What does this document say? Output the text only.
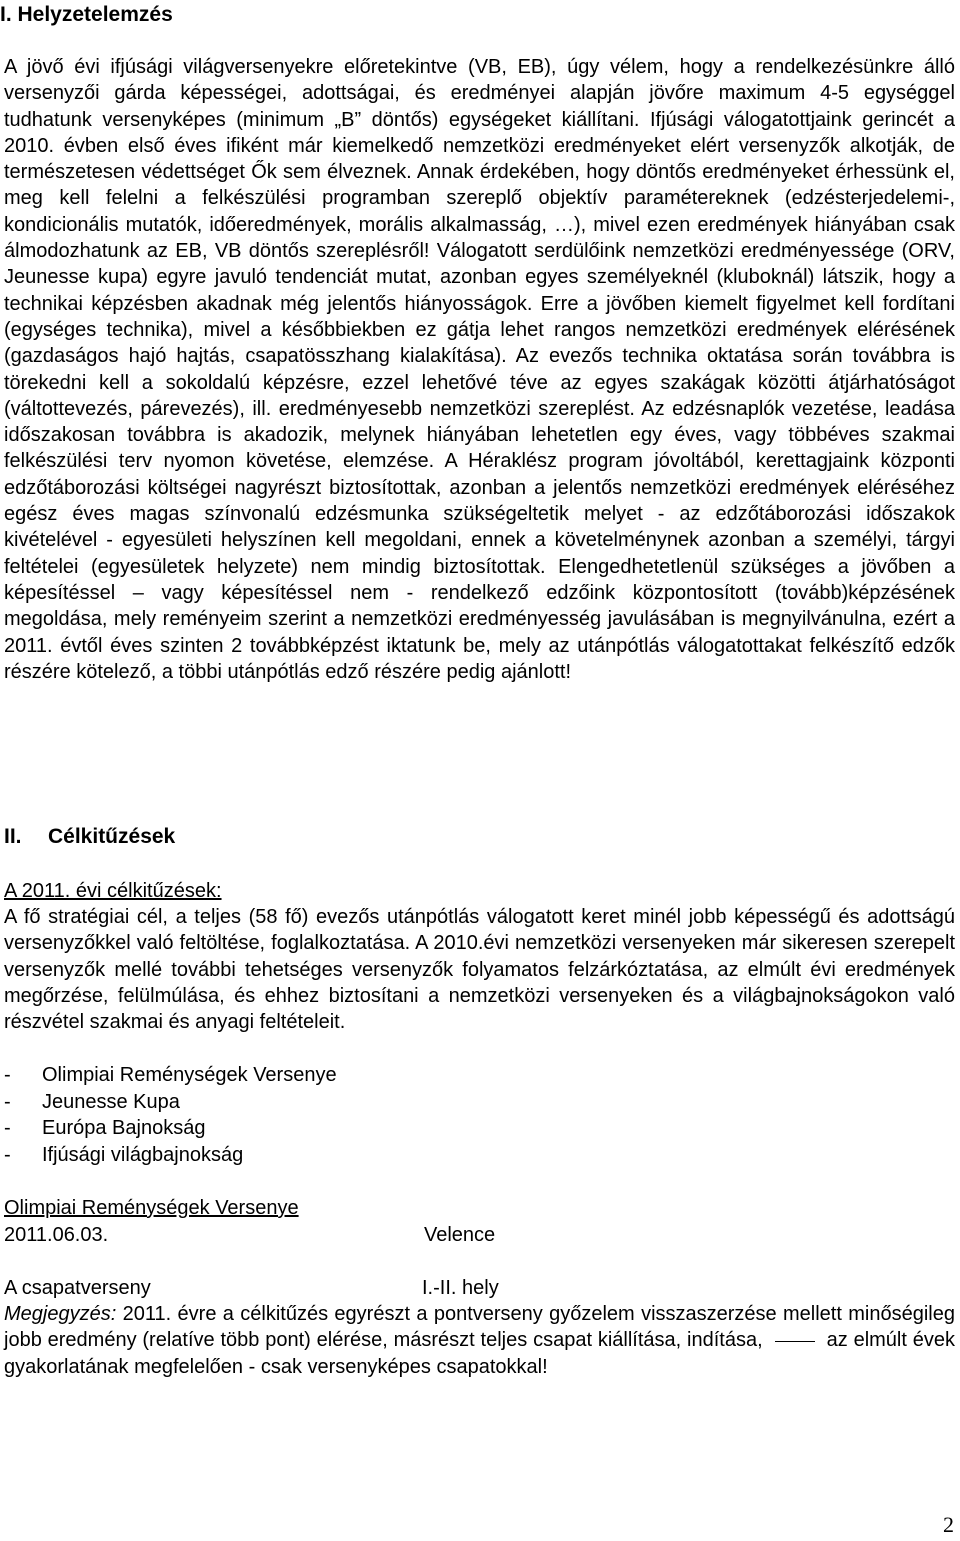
I. Helyzetelemzés

A jövő évi ifjúsági világversenyekre előretekintve (VB, EB), úgy vélem, hogy a rendelkezésünkre álló versenyzői gárda képességei, adottságai, és eredményei alapján jövőre maximum 4-5 egységgel tudhatunk versenyképes (minimum „B” döntős) egységeket kiállítani. Ifjúsági válogatottjaink gerincét a 2010. évben első éves ifiként már kiemelkedő nemzetközi eredményeket elért versenyzők alkotják, de természetesen védettséget Ők sem élveznek. Annak érdekében, hogy döntős eredményeket érhessünk el, meg kell felelni a felkészülési programban szereplő objektív paramétereknek (edzésterjedelemi-, kondicionális mutatók, időeredmények, morális alkalmasság, …), mivel ezen eredmények hiányában csak álmodozhatunk az EB, VB döntős szereplésről! Válogatott serdülőink nemzetközi eredményessége (ORV, Jeunesse kupa) egyre javuló tendenciát mutat, azonban egyes személyeknél (kluboknál) látszik, hogy a technikai képzésben akadnak még jelentős hiányosságok. Erre a jövőben kiemelt figyelmet kell fordítani (egységes technika), mivel a későbbiekben ez gátja lehet rangos nemzetközi eredmények elérésének (gazdaságos hajó hajtás, csapatösszhang kialakítása). Az evezős technika oktatása során továbbra is törekedni kell a sokoldalú képzésre, ezzel lehetővé téve az egyes szakágak közötti átjárhatóságot (váltottevezés, párevezés), ill. eredményesebb nemzetközi szereplést. Az edzésnaplók vezetése, leadása időszakosan továbbra is akadozik, melynek hiányában lehetetlen egy éves, vagy többéves szakmai felkészülési terv nyomon követése, elemzése. A Héraklész program jóvoltából, kerettagjaink központi edzőtáborozási költségei nagyrészt biztosítottak, azonban a jelentős nemzetközi eredmények eléréséhez egész éves magas színvonalú edzésmunka szükségeltetik melyet - az edzőtáborozási időszakok kivételével - egyesületi helyszínen kell megoldani, ennek a követelménynek azonban a személyi, tárgyi feltételei (egyesületek helyzete) nem mindig biztosítottak. Elengedhetetlenül szükséges a jövőben a képesítéssel – vagy képesítéssel nem - rendelkező edzőink központosított (tovább)képzésének megoldása, mely reményeim szerint a nemzetközi eredményesség javulásában is megnyilvánulna, ezért a 2011. évtől éves szinten 2 továbbképzést iktatunk be, mely az utánpótlás válogatottakat felkészítő edzők részére kötelező, a többi utánpótlás edző részére pedig ajánlott!

II. Célkitűzések

A 2011. évi célkitűzések:

A fő stratégiai cél, a teljes (58 fő) evezős utánpótlás válogatott keret minél jobb képességű és adottságú versenyzőkkel való feltöltése, foglalkoztatása. A 2010.évi nemzetközi versenyeken már sikeresen szerepelt versenyzők mellé további tehetséges versenyzők folyamatos felzárkóztatása, az elmúlt évi eredmények megőrzése, felülmúlása, és ehhez biztosítani a nemzetközi versenyeken és a világbajnokságokon való részvétel szakmai és anyagi feltételeit.

- Olimpiai Reménységek Versenye
- Jeunesse Kupa
- Európa Bajnokság
- Ifjúsági világbajnokság

Olimpiai Reménységek Versenye

2011.06.03.	Velence

A csapatverseny	I.-II. hely

Megjegyzés: 2011. évre a célkitűzés egyrészt a pontverseny győzelem visszaszerzése mellett minőségileg jobb eredmény (relatíve több pont) elérése, másrészt teljes csapat kiállítása, indítása,	az elmúlt évek gyakorlatának megfelelően - csak versenyképes csapatokkal!

2
